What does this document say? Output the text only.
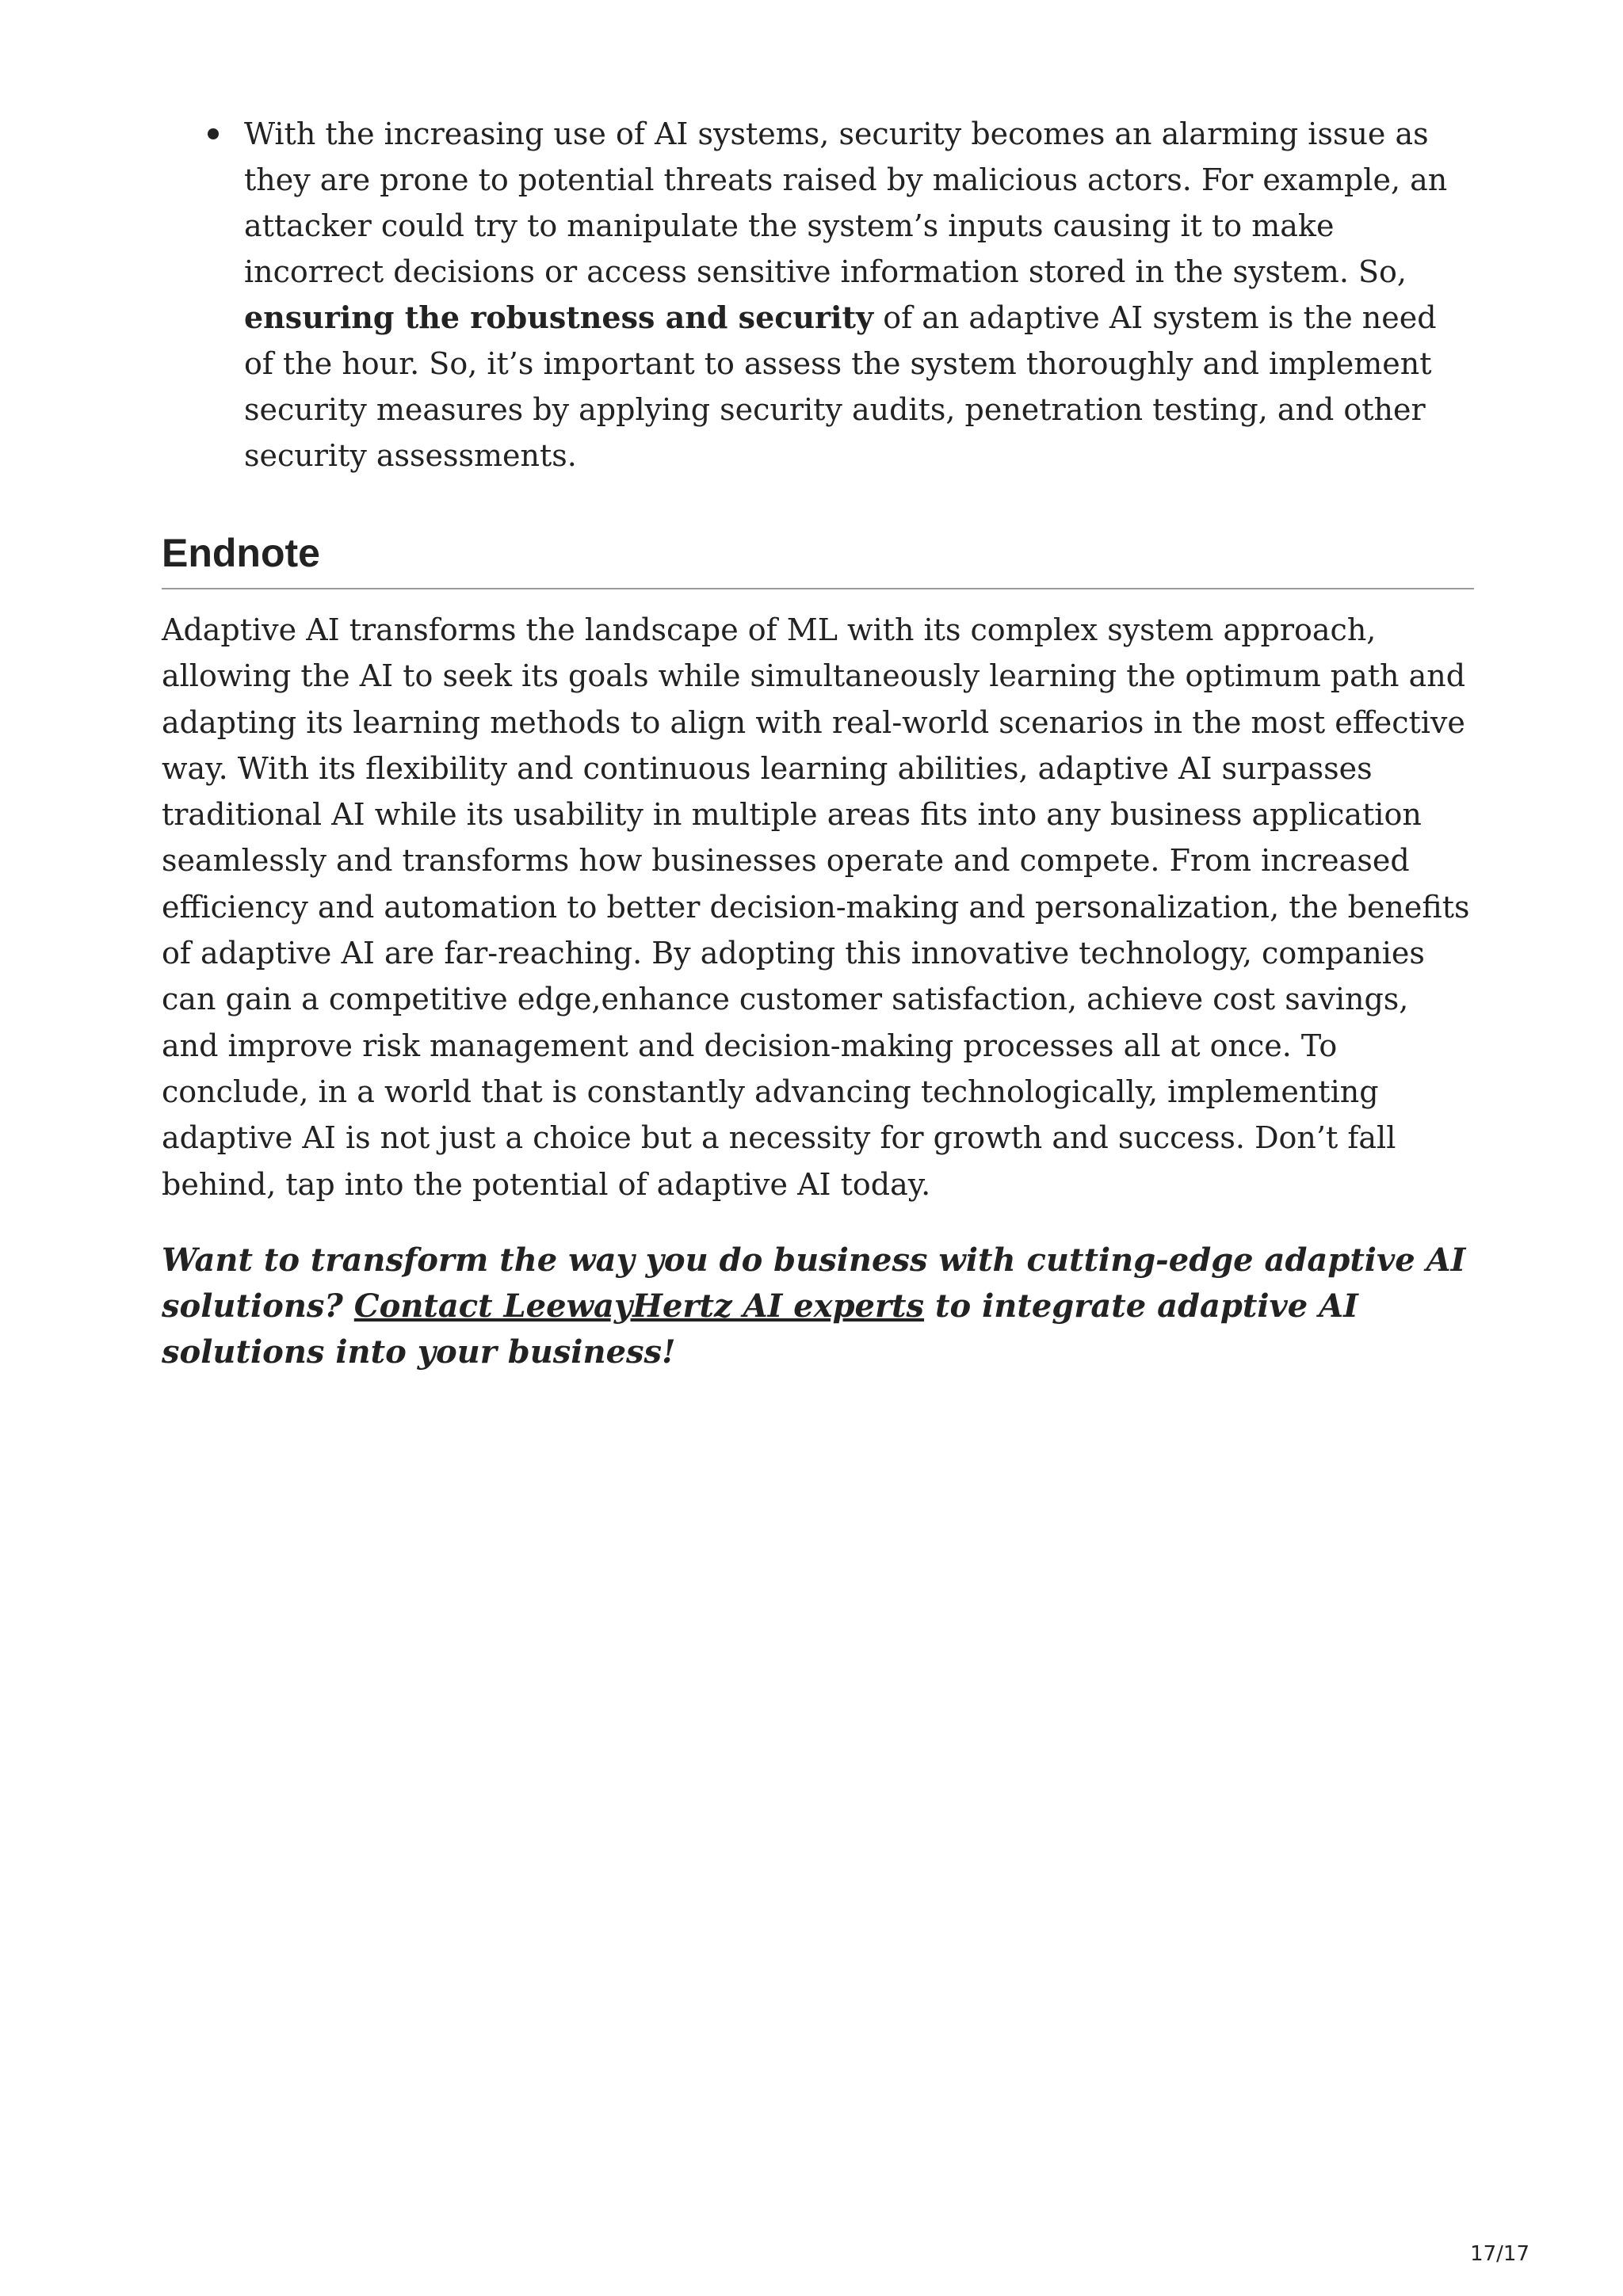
With the increasing use of AI systems, security becomes an alarming issue as they are prone to potential threats raised by malicious actors. For example, an attacker could try to manipulate the system’s inputs causing it to make incorrect decisions or access sensitive information stored in the system. So, ensuring the robustness and security of an adaptive AI system is the need of the hour. So, it’s important to assess the system thoroughly and implement security measures by applying security audits, penetration testing, and other security assessments.
Endnote

Adaptive AI transforms the landscape of ML with its complex system approach, allowing the AI to seek its goals while simultaneously learning the optimum path and adapting its learning methods to align with real-world scenarios in the most effective way. With its flexibility and continuous learning abilities, adaptive AI surpasses traditional AI while its usability in multiple areas fits into any business application seamlessly and transforms how businesses operate and compete. From increased efficiency and automation to better decision-making and personalization, the benefits of adaptive AI are far-reaching. By adopting this innovative technology, companies can gain a competitive edge,enhance customer satisfaction, achieve cost savings, and improve risk management and decision-making processes all at once. To conclude, in a world that is constantly advancing technologically, implementing adaptive AI is not just a choice but a necessity for growth and success. Don’t fall behind, tap into the potential of adaptive AI today.

Want to transform the way you do business with cutting-edge adaptive AI solutions? Contact LeewayHertz AI experts to integrate adaptive AI solutions into your business!

17/17
